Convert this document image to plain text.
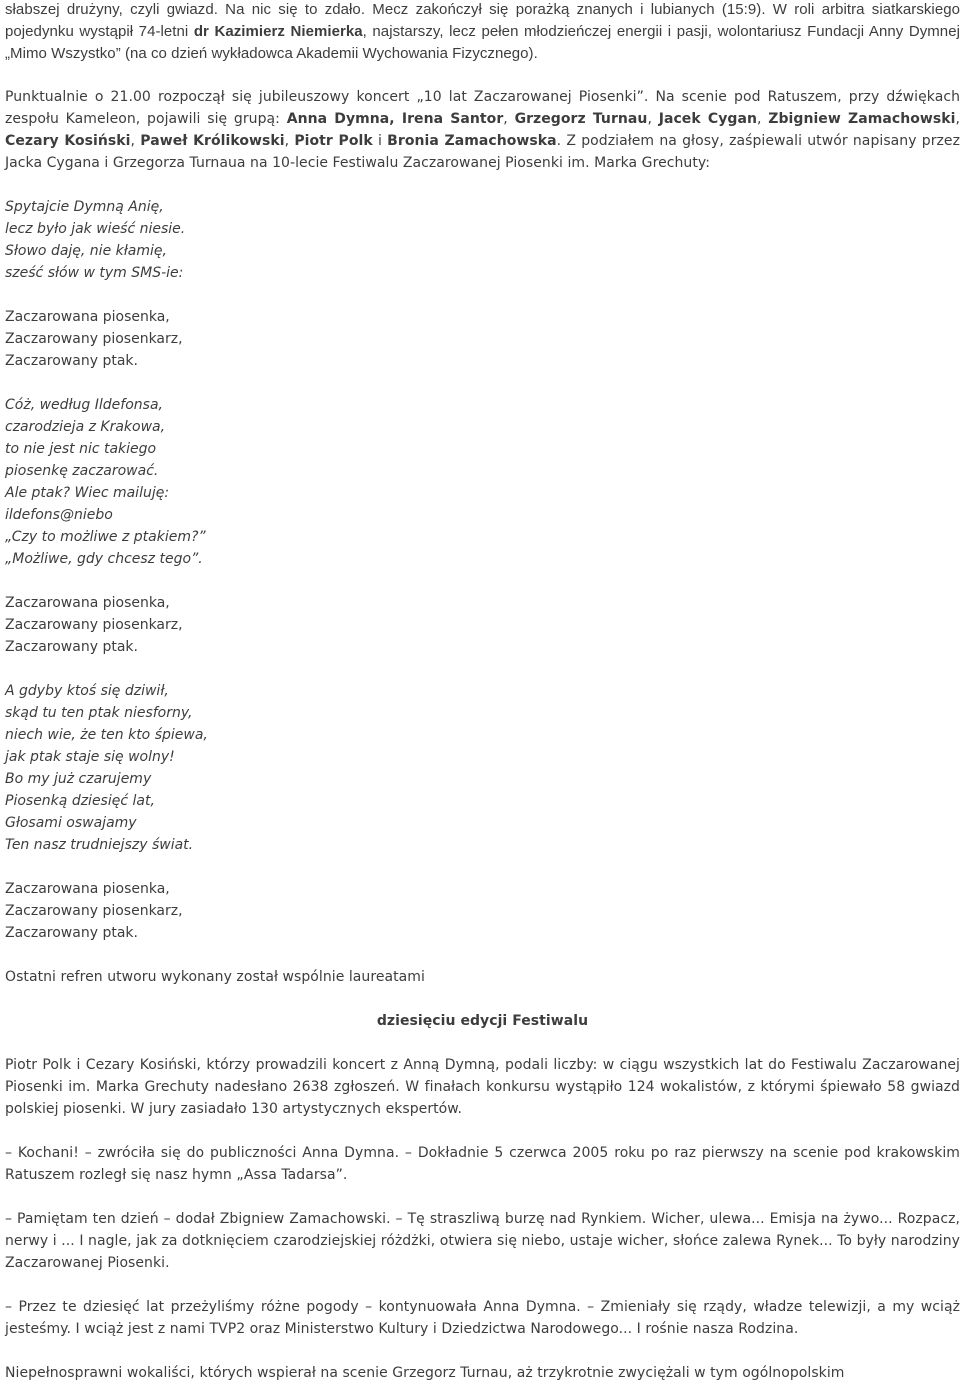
słabszej drużyny, czyli gwiazd. Na nic się to zdało. Mecz zakończył się porażką znanych i lubianych (15:9). W roli arbitra siatkarskiego pojedynku wystąpił 74-letni dr Kazimierz Niemierka, najstarszy, lecz pełen młodzieńczej energii i pasji, wolontariusz Fundacji Anny Dymnej „Mimo Wszystko” (na co dzień wykładowca Akademii Wychowania Fizycznego).

Punktualnie o 21.00 rozpoczął się jubileuszowy koncert „10 lat Zaczarowanej Piosenki”. Na scenie pod Ratuszem, przy dźwiękach zespołu Kameleon, pojawili się grupą: Anna Dymna, Irena Santor, Grzegorz Turnau, Jacek Cygan, Zbigniew Zamachowski, Cezary Kosiński, Paweł Królikowski, Piotr Polk i Bronia Zamachowska. Z podziałem na głosy, zaśpiewali utwór napisany przez Jacka Cygana i Grzegorza Turnaua na 10-lecie Festiwalu Zaczarowanej Piosenki im. Marka Grechuty:

Spytajcie Dymną Anię,
lecz było jak wieść niesie.
Słowo daję, nie kłamię,
sześć słów w tym SMS-ie:
Zaczarowana piosenka,
Zaczarowany piosenkarz,
Zaczarowany ptak.
Cóż, według Ildefonsa,
czarodzieja z Krakowa,
to nie jest nic takiego
piosenkę zaczarować.
Ale ptak? Wiec mailuję:
ildefons@niebo
„Czy to możliwe z ptakiem?”
„Możliwe, gdy chcesz tego”.
Zaczarowana piosenka,
Zaczarowany piosenkarz,
Zaczarowany ptak.
A gdyby ktoś się dziwił,
skąd tu ten ptak niesforny,
niech wie, że ten kto śpiewa,
jak ptak staje się wolny!
Bo my już czarujemy
Piosenką dziesięć lat,
Głosami oswajamy
Ten nasz trudniejszy świat.
Zaczarowana piosenka,
Zaczarowany piosenkarz,
Zaczarowany ptak.

Ostatni refren utworu wykonany został wspólnie laureatami

dziesięciu edycji Festiwalu

Piotr Polk i Cezary Kosiński, którzy prowadzili koncert z Anną Dymną, podali liczby: w ciągu wszystkich lat do Festiwalu Zaczarowanej Piosenki im. Marka Grechuty nadesłano 2638 zgłoszeń. W finałach konkursu wystąpiło 124 wokalistów, z którymi śpiewało 58 gwiazd polskiej piosenki. W jury zasiadało 130 artystycznych ekspertów.

– Kochani! – zwróciła się do publiczności Anna Dymna. – Dokładnie 5 czerwca 2005 roku po raz pierwszy na scenie pod krakowskim Ratuszem rozległ się nasz hymn „Assa Tadarsa”.

– Pamiętam ten dzień – dodał Zbigniew Zamachowski. – Tę straszliwą burzę nad Rynkiem. Wicher, ulewa... Emisja na żywo... Rozpacz, nerwy i ... I nagle, jak za dotknięciem czarodziejskiej różdżki, otwiera się niebo, ustaje wicher, słońce zalewa Rynek... To były narodziny Zaczarowanej Piosenki.

– Przez te dziesięć lat przeżyliśmy różne pogody – kontynuowała Anna Dymna. – Zmieniały się rządy, władze telewizji, a my wciąż jesteśmy. I wciąż jest z nami TVP2 oraz Ministerstwo Kultury i Dziedzictwa Narodowego... I rośnie nasza Rodzina.

Niepełnosprawni wokaliści, których wspierał na scenie Grzegorz Turnau, aż trzykrotnie zwyciężali w tym ogólnopolskim
